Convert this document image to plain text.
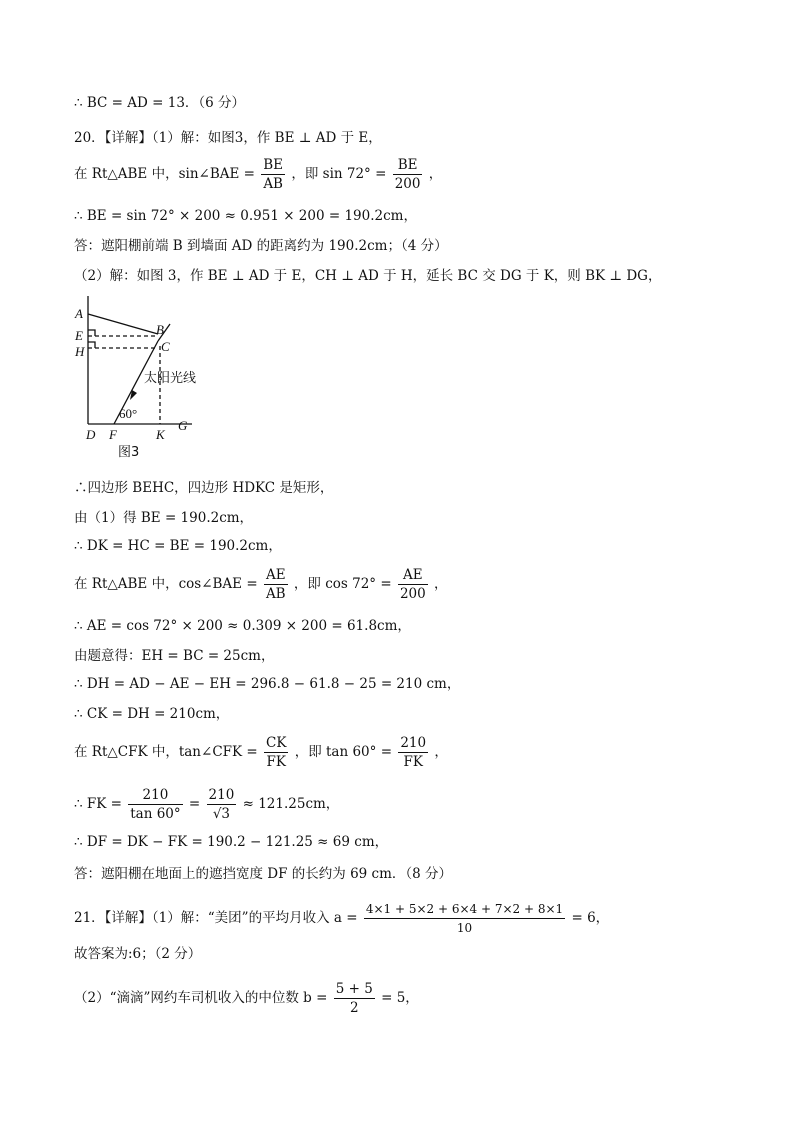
∴ BC = AD = 13．（6 分）
20．【详解】（1）解：如图3，作 BE ⊥ AD 于 E，
在 Rt△ABE 中，sin∠BAE = $\frac{BE}{AB}$ ，即 $\sin 72^\circ = \frac{BE}{200}$ ，
∴ BE = sin 72° × 200 ≈ 0.951 × 200 = 190.2cm，
答：遮阳棚前端 B 到墙面 AD 的距离约为 190.2cm；（4 分）
（2）解：如图 3，作 BE ⊥ AD 于 E，CH ⊥ AD 于 H，延长 BC 交 DG 于 K，则 BK ⊥ DG，
A
E
H
B
C
D F	K
G
太阳光线
60°
图3
∴四边形 BEHC，四边形 HDKC 是矩形，
由（1）得 BE = 190.2cm，
∴ DK = HC = BE = 190.2cm，
在 Rt△ABE 中，cos∠BAE = $\frac{AE}{AB}$ ，即 $\cos 72^\circ = \frac{AE}{200}$ ，
∴ AE = cos 72° × 200 ≈ 0.309 × 200 = 61.8cm，
由题意得：EH = BC = 25cm，
∴ DH = AD − AE − EH = 296.8 − 61.8 − 25 = 210 cm，
∴ CK = DH = 210cm，
在 Rt△CFK 中，tan∠CFK = $\frac{CK}{FK}$ ，即 $\tan 60^\circ = \frac{210}{FK}$ ，
∴ FK = $\frac{210}{\tan 60^\circ} = \frac{210}{√3} \approx 121.25cm$，
∴ DF = DK − FK = 190.2 − 121.25 ≈ 69 cm，
答：遮阳棚在地面上的遮挡宽度 DF 的长约为 69 cm．（8 分）
21．【详解】（1）解：“美团”的平均月收入 $a = \frac{4\times 1 + 5\times 2 + 6\times 4 + 7\times 2 + 8\times 1}{10} = 6$，
故答案为:6；（2 分）
（2）“滴滴”网约车司机收入的中位数 $b = \frac{5 + 5}{2} = 5$，
